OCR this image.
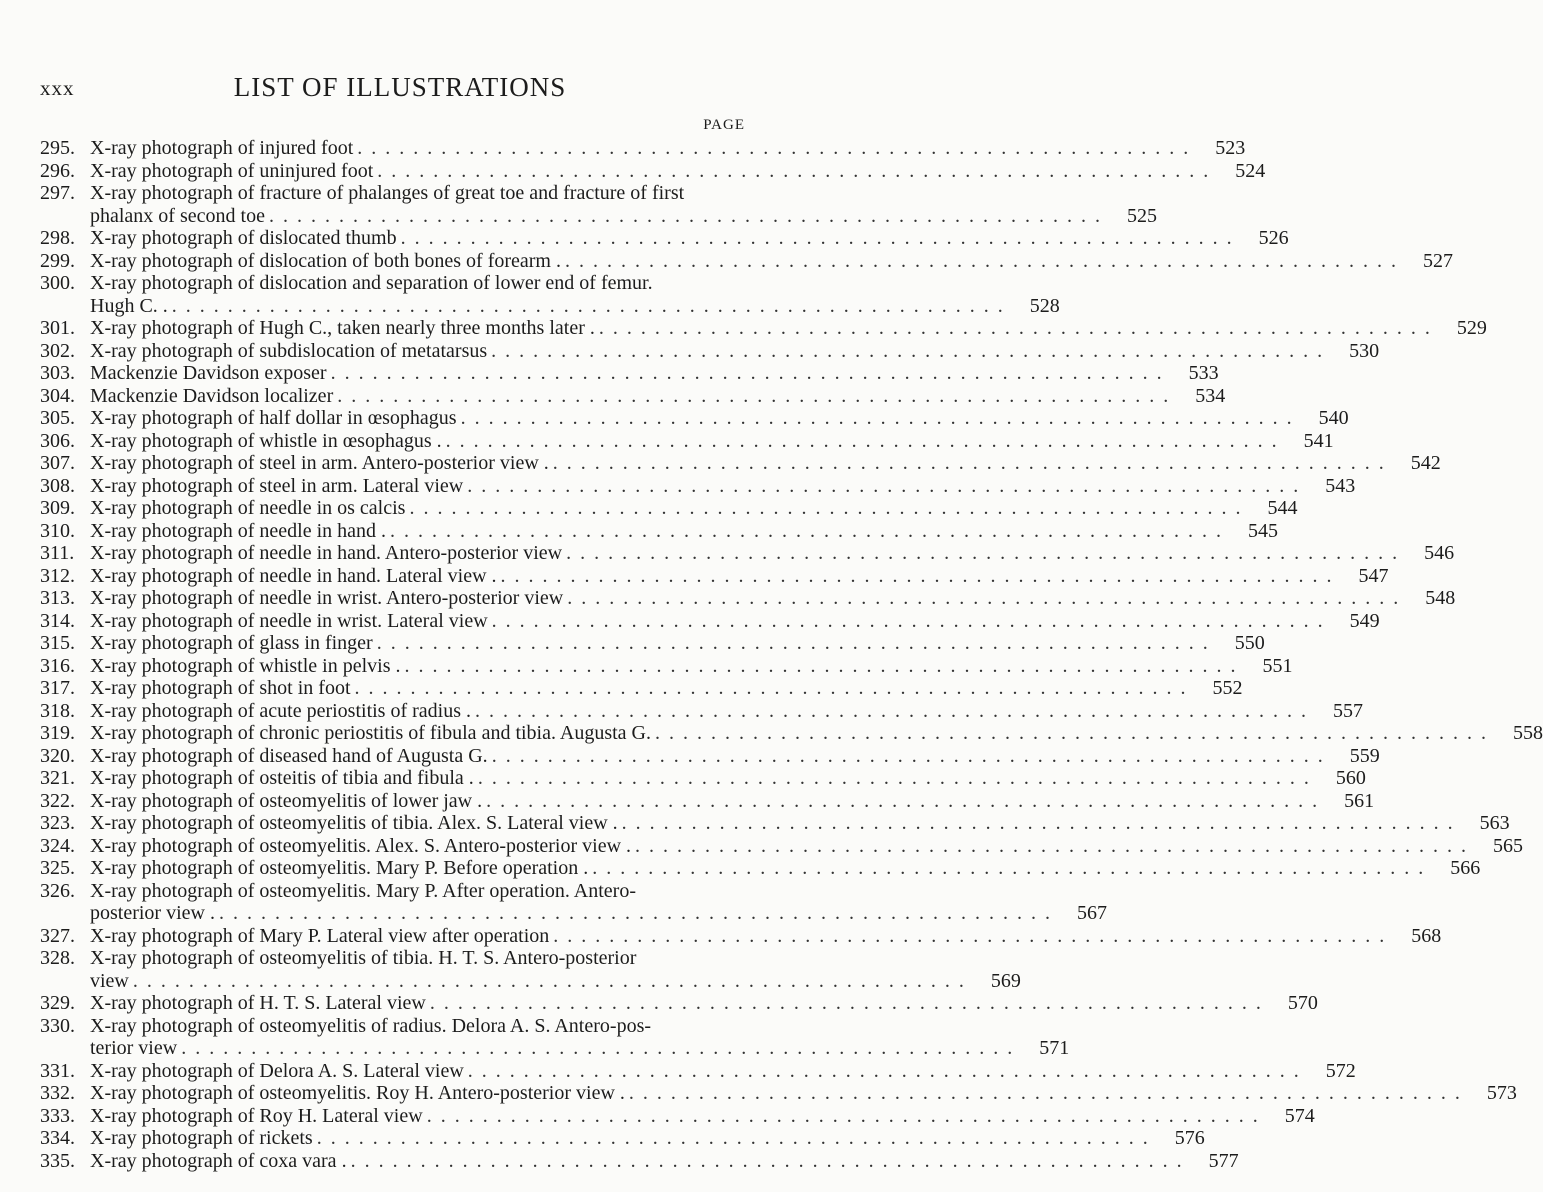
xxx	LIST OF ILLUSTRATIONS
PAGE
295. X-ray photograph of injured foot ............................................................ 523
296. X-ray photograph of uninjured foot ............................................................ 524
297. X-ray photograph of fracture of phalanges of great toe and fracture of first
phalanx of second toe ............................................................ 525
298. X-ray photograph of dislocated thumb ............................................................ 526
299. X-ray photograph of dislocation of both bones of forearm . ............................................................ 527
300. X-ray photograph of dislocation and separation of lower end of femur.
Hugh C. . ............................................................ 528
301. X-ray photograph of Hugh C., taken nearly three months later . ............................................................ 529
302. X-ray photograph of subdislocation of metatarsus ............................................................ 530
303. Mackenzie Davidson exposer ............................................................ 533
304. Mackenzie Davidson localizer ............................................................ 534
305. X-ray photograph of half dollar in œsophagus ............................................................ 540
306. X-ray photograph of whistle in œsophagus . ............................................................ 541
307. X-ray photograph of steel in arm. Antero-posterior view . ............................................................ 542
308. X-ray photograph of steel in arm. Lateral view ............................................................ 543
309. X-ray photograph of needle in os calcis ............................................................ 544
310. X-ray photograph of needle in hand . ............................................................ 545
311. X-ray photograph of needle in hand. Antero-posterior view ............................................................ 546
312. X-ray photograph of needle in hand. Lateral view . ............................................................ 547
313. X-ray photograph of needle in wrist. Antero-posterior view ............................................................ 548
314. X-ray photograph of needle in wrist. Lateral view ............................................................ 549
315. X-ray photograph of glass in finger ............................................................ 550
316. X-ray photograph of whistle in pelvis . ............................................................ 551
317. X-ray photograph of shot in foot ............................................................ 552
318. X-ray photograph of acute periostitis of radius . ............................................................ 557
319. X-ray photograph of chronic periostitis of fibula and tibia. Augusta G. ............................................................ 558
320. X-ray photograph of diseased hand of Augusta G. ............................................................ 559
321. X-ray photograph of osteitis of tibia and fibula . ............................................................ 560
322. X-ray photograph of osteomyelitis of lower jaw . ............................................................ 561
323. X-ray photograph of osteomyelitis of tibia. Alex. S. Lateral view . ............................................................ 563
324. X-ray photograph of osteomyelitis. Alex. S. Antero-posterior view . ............................................................ 565
325. X-ray photograph of osteomyelitis. Mary P. Before operation . ............................................................ 566
326. X-ray photograph of osteomyelitis. Mary P. After operation. Antero-
posterior view . ............................................................ 567
327. X-ray photograph of Mary P. Lateral view after operation ............................................................ 568
328. X-ray photograph of osteomyelitis of tibia. H. T. S. Antero-posterior
view ............................................................ 569
329. X-ray photograph of H. T. S. Lateral view ............................................................ 570
330. X-ray photograph of osteomyelitis of radius. Delora A. S. Antero-pos-
terior view ............................................................ 571
331. X-ray photograph of Delora A. S. Lateral view ............................................................ 572
332. X-ray photograph of osteomyelitis. Roy H. Antero-posterior view . ............................................................ 573
333. X-ray photograph of Roy H. Lateral view ............................................................ 574
334. X-ray photograph of rickets ............................................................ 576
335. X-ray photograph of coxa vara . ............................................................ 577
